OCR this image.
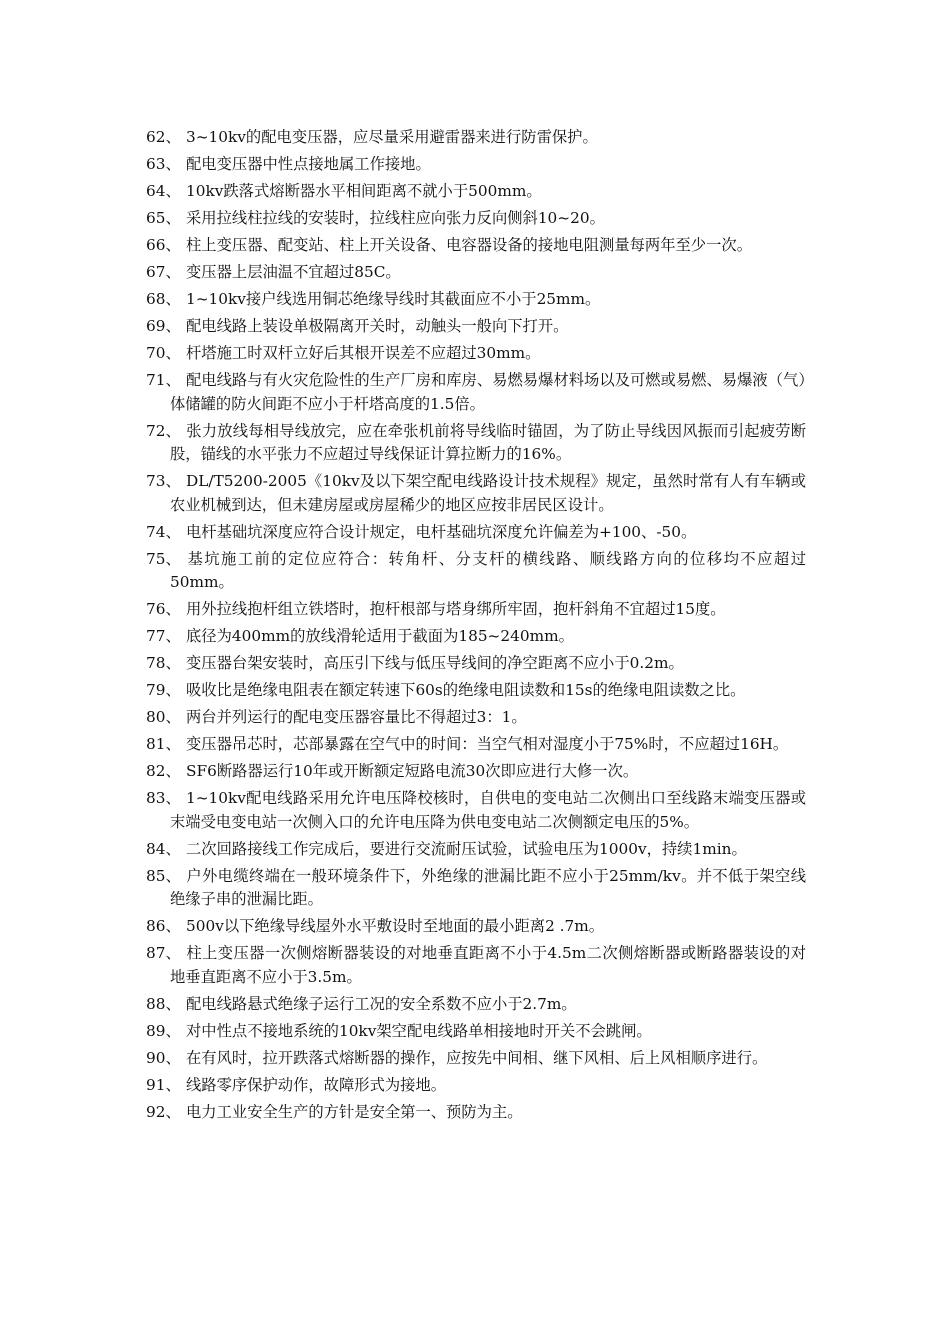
62、 3~10kv的配电变压器，应尽量采用避雷器来进行防雷保护。
63、 配电变压器中性点接地属工作接地。
64、 10kv跌落式熔断器水平相间距离不就小于500mm。
65、 采用拉线柱拉线的安装时，拉线柱应向张力反向侧斜10~20。
66、 柱上变压器、配变站、柱上开关设备、电容器设备的接地电阻测量每两年至少一次。
67、 变压器上层油温不宜超过85C。
68、 1~10kv接户线选用铜芯绝缘导线时其截面应不小于25mm。
69、 配电线路上装设单极隔离开关时，动触头一般向下打开。
70、 杆塔施工时双杆立好后其根开误差不应超过30mm。
71、 配电线路与有火灾危险性的生产厂房和库房、易燃易爆材料场以及可燃或易燃、易爆液（气）体储罐的防火间距不应小于杆塔高度的1.5倍。
72、 张力放线每相导线放完，应在牵张机前将导线临时锚固，为了防止导线因风振而引起疲劳断股，锚线的水平张力不应超过导线保证计算拉断力的16%。
73、 DL/T5200-2005《10kv及以下架空配电线路设计技术规程》规定，虽然时常有人有车辆或农业机械到达，但未建房屋或房屋稀少的地区应按非居民区设计。
74、 电杆基础坑深度应符合设计规定，电杆基础坑深度允许偏差为+100、-50。
75、 基坑施工前的定位应符合：转角杆、分支杆的横线路、顺线路方向的位移均不应超过50mm。
76、 用外拉线抱杆组立铁塔时，抱杆根部与塔身绑所牢固，抱杆斜角不宜超过15度。
77、 底径为400mm的放线滑轮适用于截面为185~240mm。
78、 变压器台架安装时，高压引下线与低压导线间的净空距离不应小于0.2m。
79、 吸收比是绝缘电阻表在额定转速下60s的绝缘电阻读数和15s的绝缘电阻读数之比。
80、 两台并列运行的配电变压器容量比不得超过3：1。
81、 变压器吊芯时，芯部暴露在空气中的时间：当空气相对湿度小于75%时，不应超过16H。
82、 SF6断路器运行10年或开断额定短路电流30次即应进行大修一次。
83、 1~10kv配电线路采用允许电压降校核时，自供电的变电站二次侧出口至线路末端变压器或末端受电变电站一次侧入口的允许电压降为供电变电站二次侧额定电压的5%。
84、 二次回路接线工作完成后，要进行交流耐压试验，试验电压为1000v，持续1min。
85、 户外电缆终端在一般环境条件下，外绝缘的泄漏比距不应小于25mm/kv。并不低于架空线绝缘子串的泄漏比距。
86、 500v以下绝缘导线屋外水平敷设时至地面的最小距离2 .7m。
87、 柱上变压器一次侧熔断器装设的对地垂直距离不小于4.5m二次侧熔断器或断路器装设的对地垂直距离不应小于3.5m。
88、 配电线路悬式绝缘子运行工况的安全系数不应小于2.7m。
89、 对中性点不接地系统的10kv架空配电线路单相接地时开关不会跳闸。
90、 在有风时，拉开跌落式熔断器的操作，应按先中间相、继下风相、后上风相顺序进行。
91、 线路零序保护动作，故障形式为接地。
92、 电力工业安全生产的方针是安全第一、预防为主。
